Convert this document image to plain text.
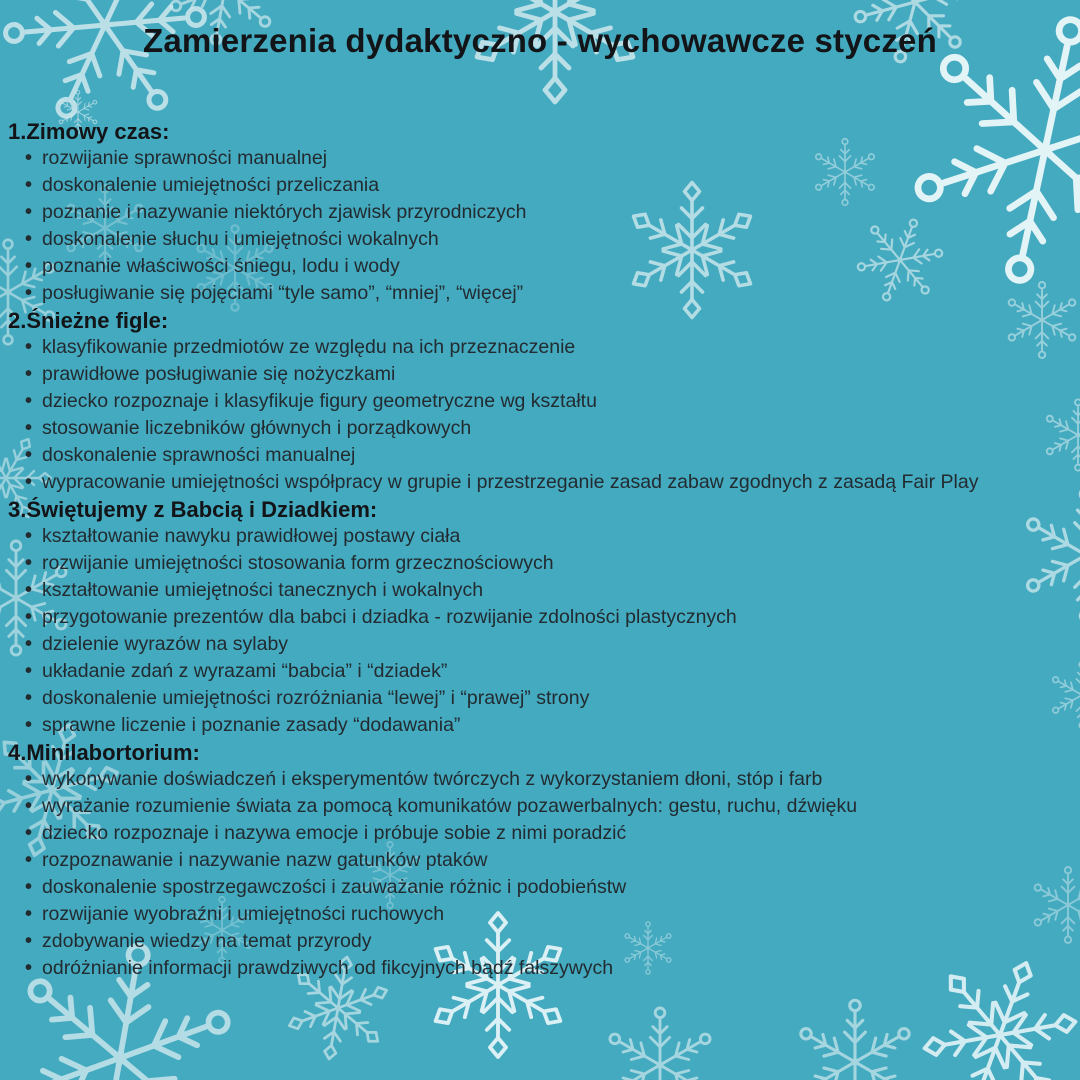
Zamierzenia dydaktyczno - wychowawcze styczeń
1.Zimowy czas:
• rozwijanie sprawności manualnej
• doskonalenie umiejętności przeliczania
• poznanie i nazywanie niektórych zjawisk przyrodniczych
• doskonalenie słuchu i umiejętności wokalnych
• poznanie właściwości śniegu, lodu i wody
• posługiwanie się pojęciami “tyle samo”, “mniej”, “więcej”
2.Śnieżne figle:
• klasyfikowanie przedmiotów ze względu na ich przeznaczenie
• prawidłowe posługiwanie się nożyczkami
• dziecko rozpoznaje i klasyfikuje figury geometryczne wg kształtu
• stosowanie liczebników głównych i porządkowych
• doskonalenie sprawności manualnej
• wypracowanie umiejętności współpracy w grupie i przestrzeganie zasad zabaw zgodnych z zasadą Fair Play
3.Świętujemy z Babcią i Dziadkiem:
• kształtowanie nawyku prawidłowej postawy ciała
• rozwijanie umiejętności stosowania form grzecznościowych
• kształtowanie umiejętności tanecznych i wokalnych
• przygotowanie prezentów dla babci i dziadka - rozwijanie zdolności plastycznych
• dzielenie wyrazów na sylaby
• układanie zdań z wyrazami “babcia” i “dziadek”
• doskonalenie umiejętności rozróżniania “lewej” i “prawej” strony
• sprawne liczenie i poznanie zasady “dodawania”
4.Minilabortorium:
• wykonywanie doświadczeń i eksperymentów twórczych z wykorzystaniem dłoni, stóp i farb
• wyrażanie rozumienie świata za pomocą komunikatów pozawerbalnych: gestu, ruchu, dźwięku
• dziecko rozpoznaje i nazywa emocje i próbuje sobie z nimi poradzić
• rozpoznawanie i nazywanie nazw gatunków ptaków
• doskonalenie spostrzegawczości i zauważanie różnic i podobieństw
• rozwijanie wyobraźni i umiejętności ruchowych
• zdobywanie wiedzy na temat przyrody
• odróżnianie informacji prawdziwych od fikcyjnych bądź fałszywych
